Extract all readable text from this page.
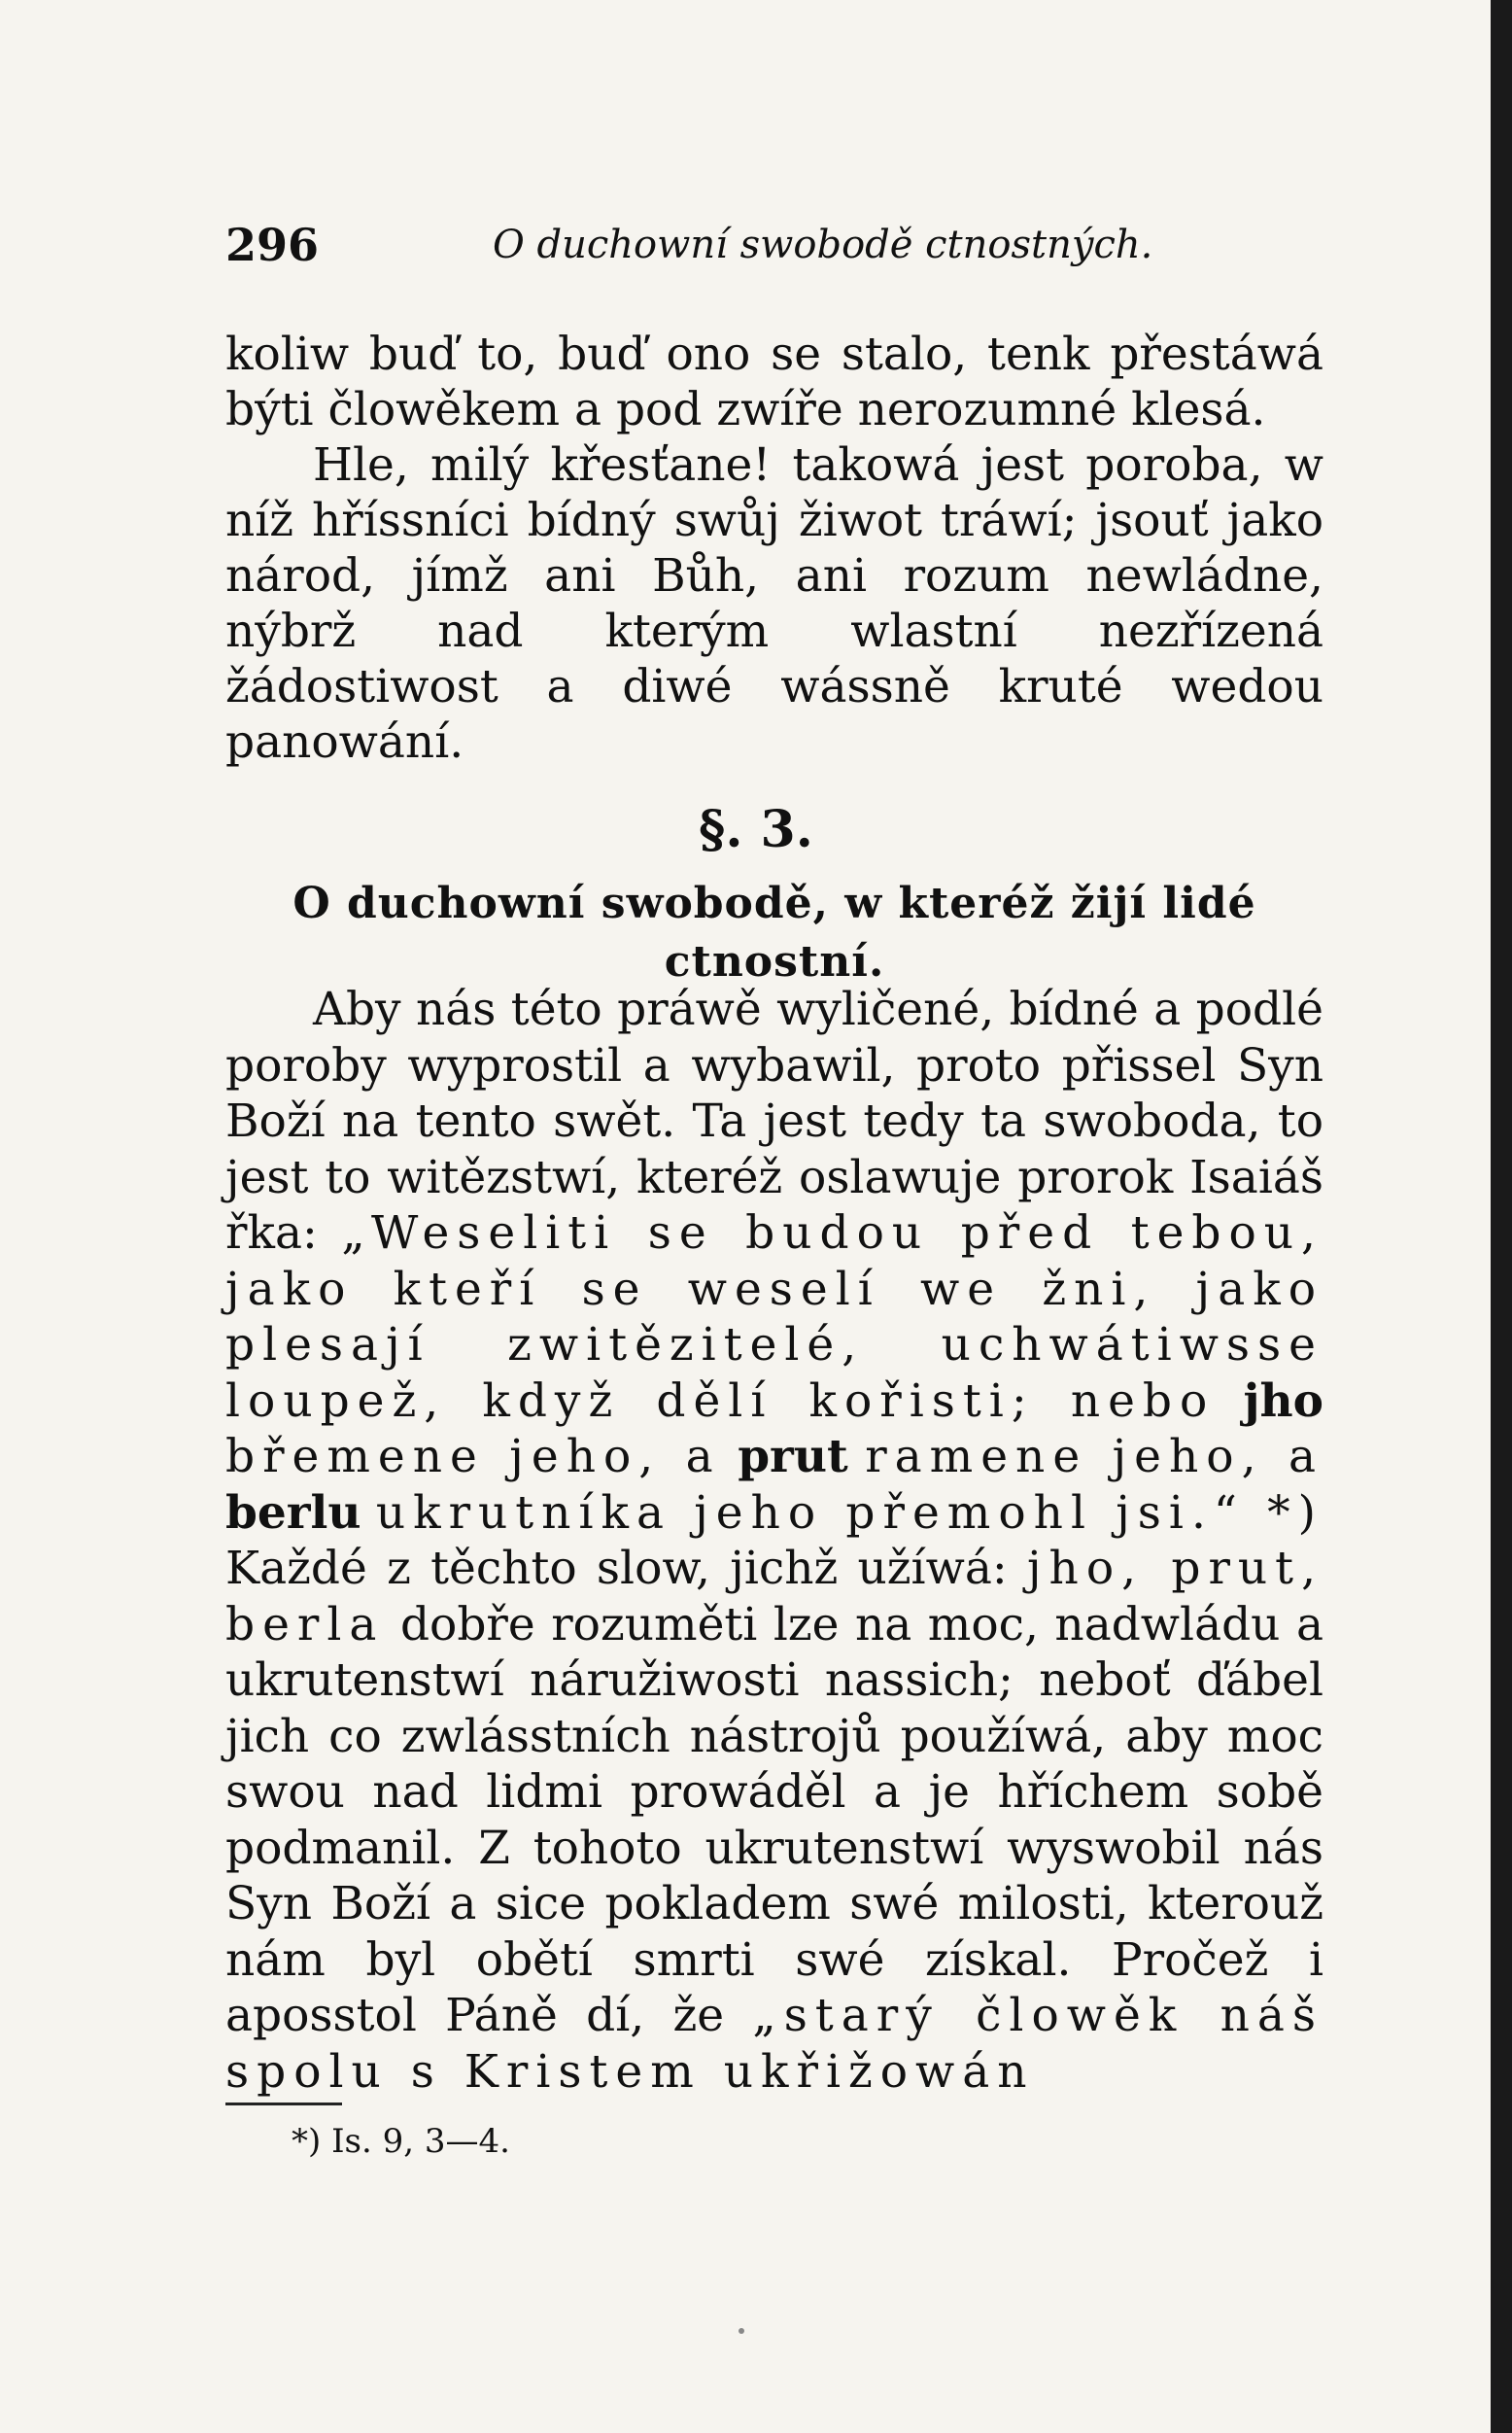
296	O duchowní swobodě ctnostných.

koliw buď to, buď ono se stalo, tenk přestáwá býti člowěkem a pod zwíře nerozumné klesá.

Hle, milý křesťane! takowá jest poroba, w níž hříssníci bídný swůj žiwot tráwí; jsouť jako národ, jímž ani Bůh, ani rozum newládne, nýbrž nad kterým wlastní nezřízená žádostiwost a diwé wássně kruté wedou panowání.

§. 3.
O duchowní swobodě, w kteréž žijí lidé ctnostní.

Aby nás této práwě wyličené, bídné a podlé poroby wyprostil a wybawil, proto přissel Syn Boží na tento swět. Ta jest tedy ta swoboda, to jest to witězstwí, kteréž oslawuje prorok Isaiáš řka: „Weseliti se budou před tebou, jako kteří se weselí we žni, jako plesají zwitězitelé, uchwátiwsse loupež, když dělí kořisti; nebo jho břemene jeho, a prut ramene jeho, a berlu ukrutníka jeho přemohl jsi.“ *) Každé z těchto slow, jichž užíwá: jho, prut, berla dobře rozuměti lze na moc, nadwládu a ukrutenstwí náružiwosti nassich; neboť ďábel jich co zwlásstních nástrojů použíwá, aby moc swou nad lidmi prowáděl a je hříchem sobě podmanil. Z tohoto ukrutenstwí wyswobil nás Syn Boží a sice pokladem swé milosti, kterouž nám byl obětí smrti swé získal. Pročež i aposstol Páně dí, že „starý člowěk náš spolu s Kristem ukřižowán

*) Is. 9, 3—4.
